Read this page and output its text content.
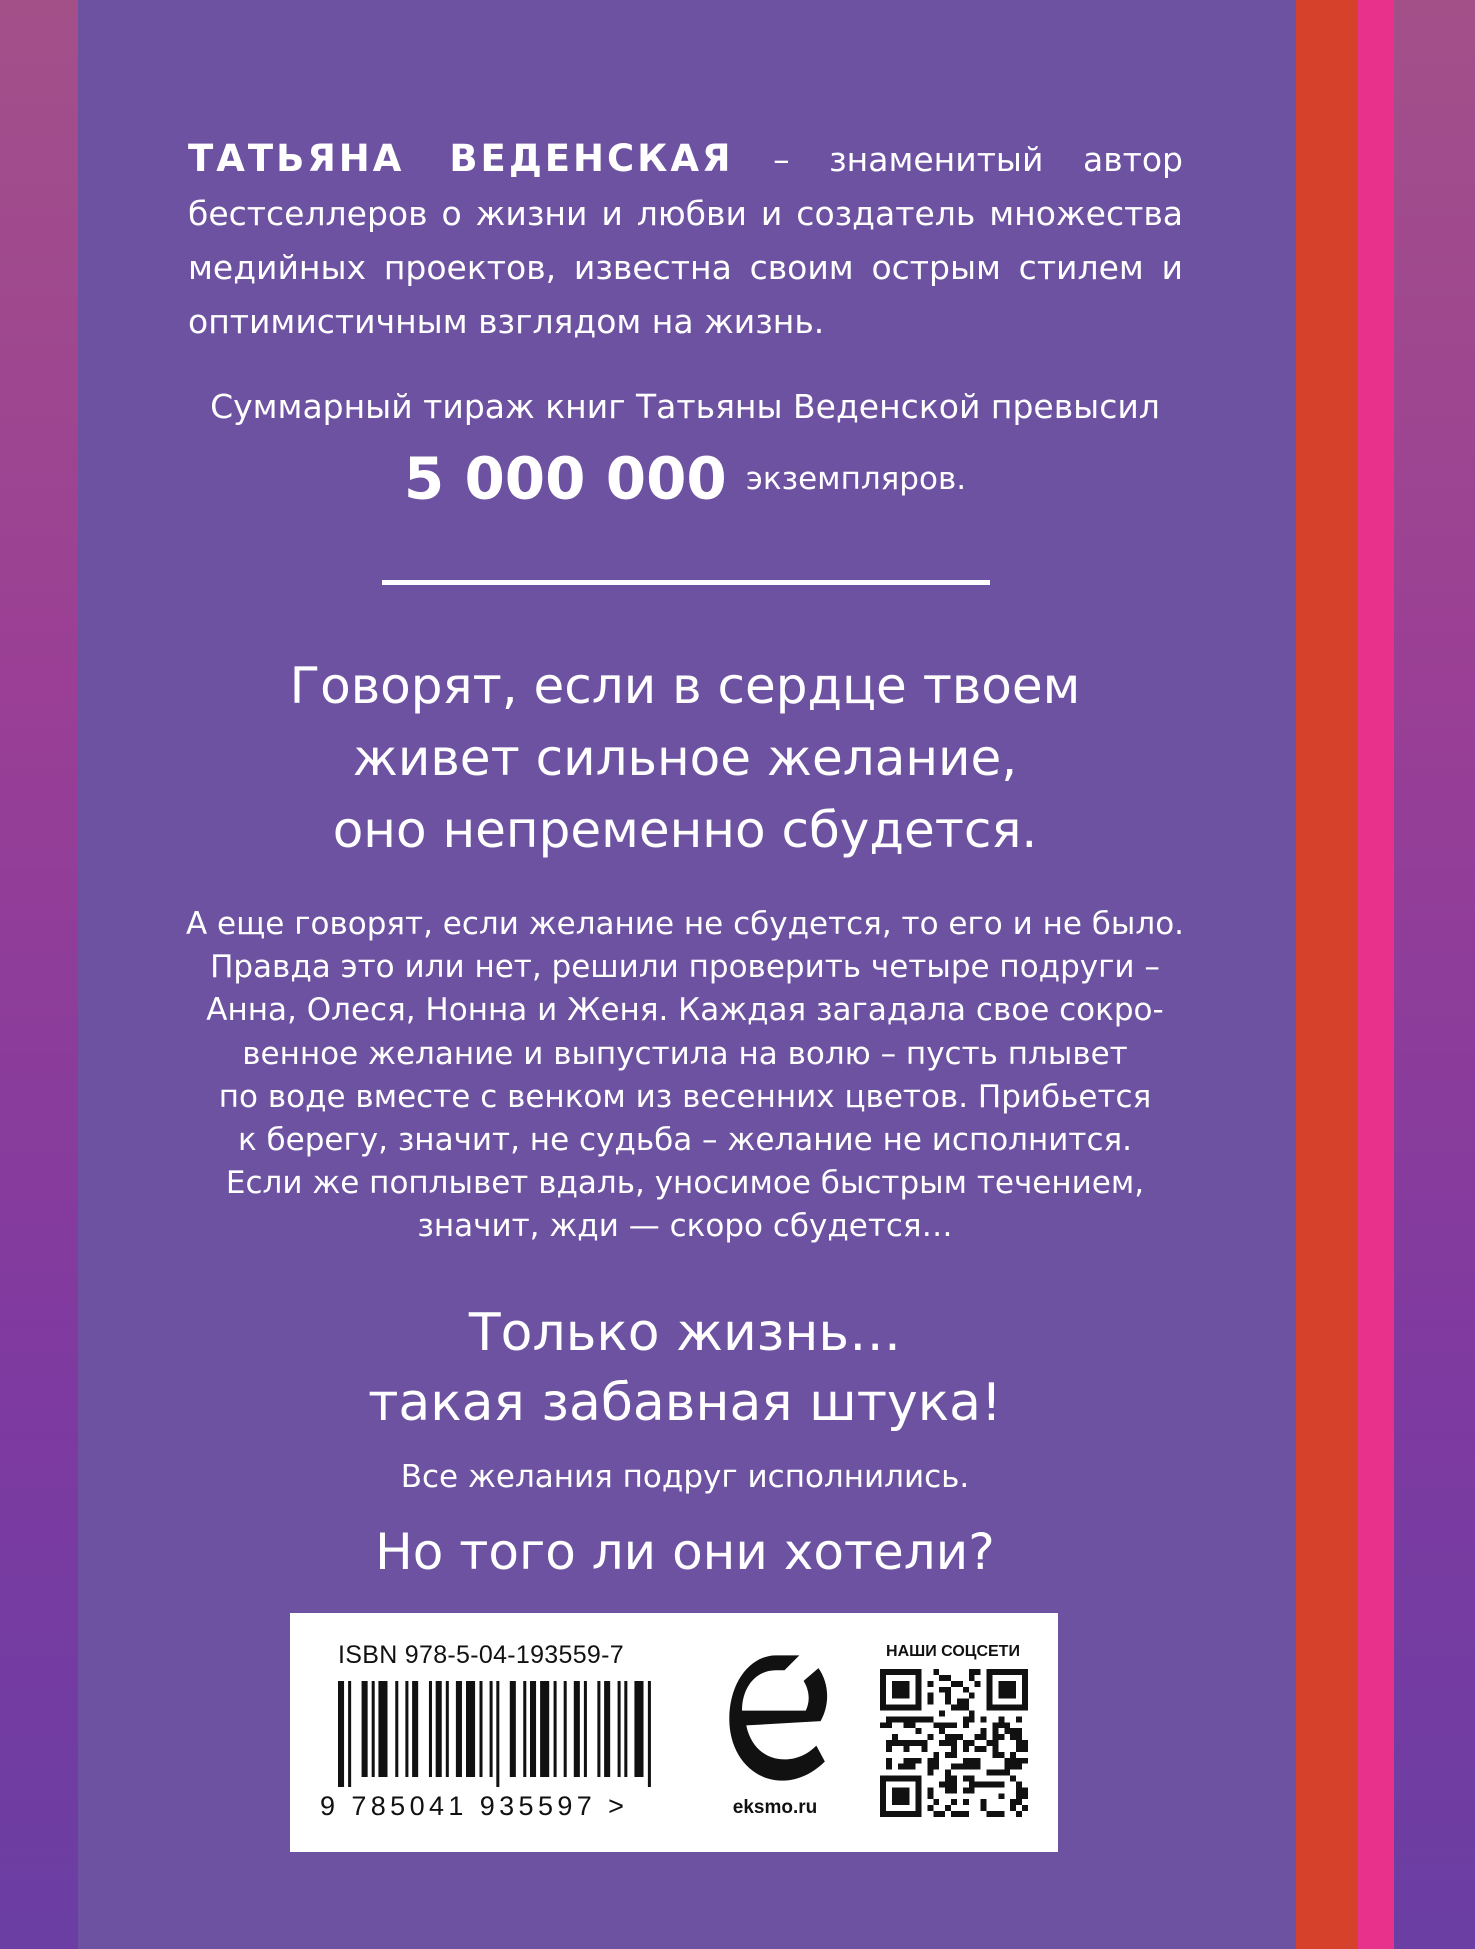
ТАТЬЯНА ВЕДЕНСКАЯ – знаменитый автор бестселлеров о жизни и любви и создатель множества медийных проектов, известна своим острым стилем и оптимистичным взглядом на жизнь.
Суммарный тираж книг Татьяны Веденской превысил
5 000 000 экземпляров.
Говорят, если в сердце твоем
живет сильное желание,
оно непременно сбудется.
А еще говорят, если желание не сбудется, то его и не было.
Правда это или нет, решили проверить четыре подруги –
Анна, Олеся, Нонна и Женя. Каждая загадала свое сокро-
венное желание и выпустила на волю – пусть плывет
по воде вместе с венком из весенних цветов. Прибьется
к берегу, значит, не судьба – желание не исполнится.
Если же поплывет вдаль, уносимое быстрым течением,
значит, жди — скоро сбудется…
Только жизнь…
такая забавная штука!
Все желания подруг исполнились.
Но того ли они хотели?
ISBN 978-5-04-193559-7
9 785041 935597 >	eksmo.ru
НАШИ СОЦСЕТИ
